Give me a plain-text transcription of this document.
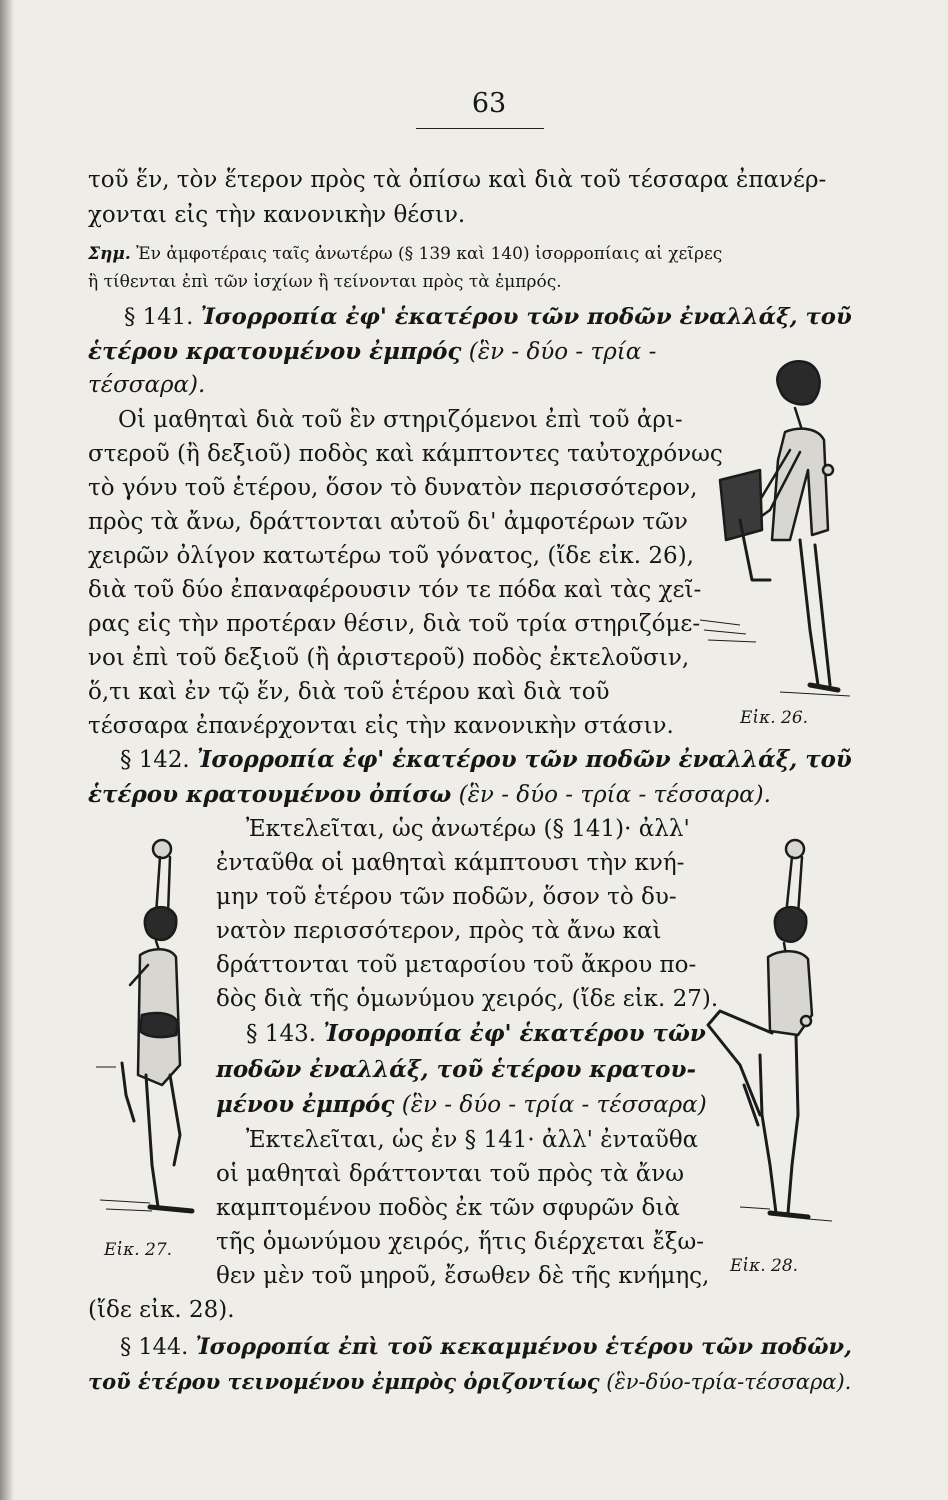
63
τοῦ ἕν, τὸν ἕτερον πρὸς τὰ ὀπίσω καὶ διὰ τοῦ τέσσαρα ἐπανέρ-
χονται εἰς τὴν κανονικὴν θέσιν.
Σημ. Ἐν ἀμφοτέραις ταῖς ἀνωτέρω (§ 139 καὶ 140) ἰσορροπίαις αἱ χεῖρες
ἢ τίθενται ἐπὶ τῶν ἰσχίων ἢ τείνονται πρὸς τὰ ἐμπρός.
§ 141. Ἰσορροπία ἐφ' ἑκατέρου τῶν ποδῶν ἐναλλάξ, τοῦ
ἑτέρου κρατουμένου ἐμπρός (ἓν - δύο - τρία -
τέσσαρα).
Οἱ μαθηταὶ διὰ τοῦ ἓν στηριζόμενοι ἐπὶ τοῦ ἀρι-
στεροῦ (ἢ δεξιοῦ) ποδὸς καὶ κάμπτοντες ταὐτοχρόνως
τὸ γόνυ τοῦ ἑτέρου, ὅσον τὸ δυνατὸν περισσότερον,
πρὸς τὰ ἄνω, δράττονται αὐτοῦ δι' ἀμφοτέρων τῶν
χειρῶν ὀλίγον κατωτέρω τοῦ γόνατος, (ἴδε εἰκ. 26),
διὰ τοῦ δύο ἐπαναφέρουσιν τόν τε πόδα καὶ τὰς χεῖ-
ρας εἰς τὴν προτέραν θέσιν, διὰ τοῦ τρία στηριζόμε-
νοι ἐπὶ τοῦ δεξιοῦ (ἢ ἀριστεροῦ) ποδὸς ἐκτελοῦσιν,
ὅ,τι καὶ ἐν τῷ ἕν, διὰ τοῦ ἑτέρου καὶ διὰ τοῦ
τέσσαρα ἐπανέρχονται εἰς τὴν κανονικὴν στάσιν.	Εἰκ. 26.
§ 142. Ἰσορροπία ἐφ' ἑκατέρου τῶν ποδῶν ἐναλλάξ, τοῦ
ἑτέρου κρατουμένου ὀπίσω (ἓν - δύο - τρία - τέσσαρα).
Ἐκτελεῖται, ὡς ἀνωτέρω (§ 141)· ἀλλ'
ἐνταῦθα οἱ μαθηταὶ κάμπτουσι τὴν κνή-
μην τοῦ ἑτέρου τῶν ποδῶν, ὅσον τὸ δυ-
νατὸν περισσότερον, πρὸς τὰ ἄνω καὶ
δράττονται τοῦ μεταρσίου τοῦ ἄκρου πο-
δὸς διὰ τῆς ὁμωνύμου χειρός, (ἴδε εἰκ. 27).
Εἰκ. 27.
§ 143. Ἰσορροπία ἐφ' ἑκατέρου τῶν
ποδῶν ἐναλλάξ, τοῦ ἑτέρου κρατου-
μένου ἐμπρός (ἓν - δύο - τρία - τέσσαρα)
Ἐκτελεῖται, ὡς ἐν § 141· ἀλλ' ἐνταῦθα
οἱ μαθηταὶ δράττονται τοῦ πρὸς τὰ ἄνω
καμπτομένου ποδὸς ἐκ τῶν σφυρῶν διὰ
τῆς ὁμωνύμου χειρός, ἥτις διέρχεται ἔξω-
θεν μὲν τοῦ μηροῦ, ἔσωθεν δὲ τῆς κνήμης,
(ἴδε εἰκ. 28).
Εἰκ. 28.
§ 144. Ἰσορροπία ἐπὶ τοῦ κεκαμμένου ἑτέρου τῶν ποδῶν,
τοῦ ἑτέρου τεινομένου ἐμπρὸς ὁριζοντίως (ἓν-δύο-τρία-τέσσαρα).
